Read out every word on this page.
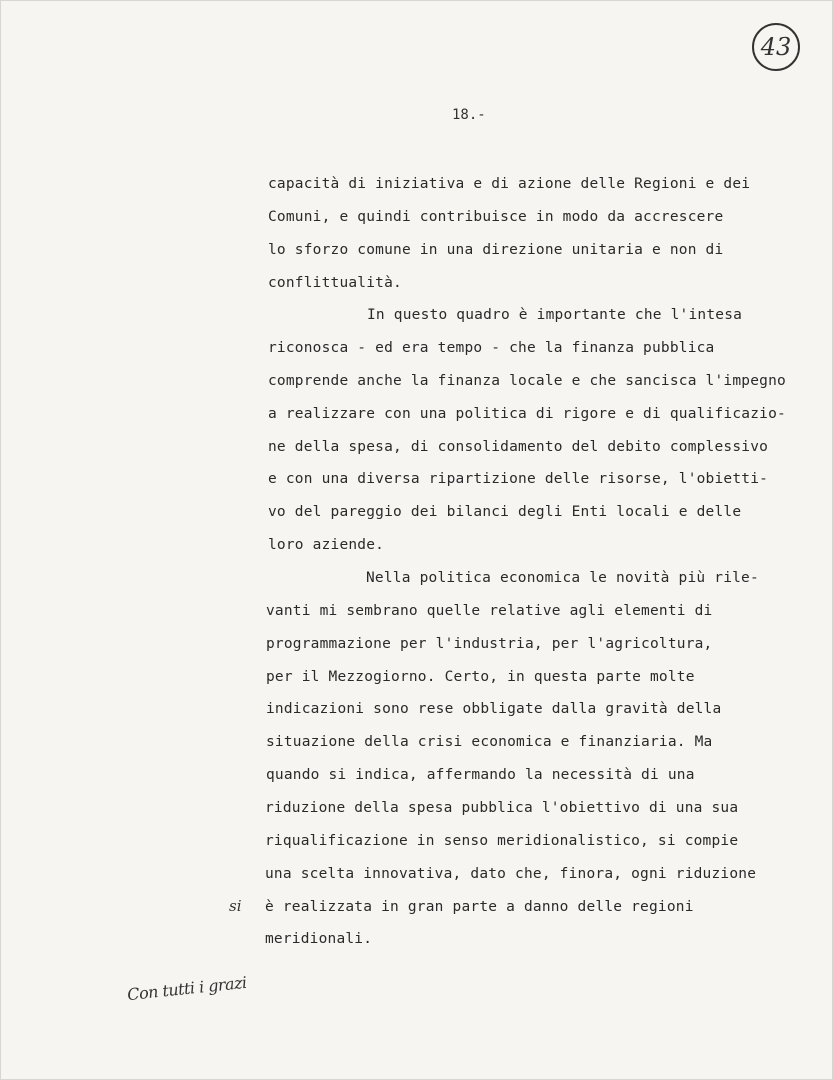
43
18.-
capacità di iniziativa e di azione delle Regioni e dei
Comuni, e quindi contribuisce in modo da accrescere
lo sforzo comune in una direzione unitaria e non di
conflittualità.
In questo quadro è importante che l'intesa
riconosca - ed era tempo - che la finanza pubblica
comprende anche la finanza locale e che sancisca l'impegno
a realizzare con una politica di rigore e di qualificazio-
ne della spesa, di consolidamento del debito complessivo
e con una diversa ripartizione delle risorse, l'obietti-
vo del pareggio dei bilanci degli Enti locali e delle
loro aziende.
Nella politica economica le novità più rile-
vanti mi sembrano quelle relative agli elementi di
programmazione per l'industria, per l'agricoltura,
per il Mezzogiorno. Certo, in questa parte molte
indicazioni sono rese obbligate dalla gravità della
situazione della crisi economica e finanziaria. Ma
quando si indica, affermando la necessità di una
riduzione della spesa pubblica l'obiettivo di una sua
riqualificazione in senso meridionalistico, si compie
una scelta innovativa, dato che, finora, ogni riduzione
è realizzata in gran parte a danno delle regioni
meridionali.
si
Con tutti i grazi
